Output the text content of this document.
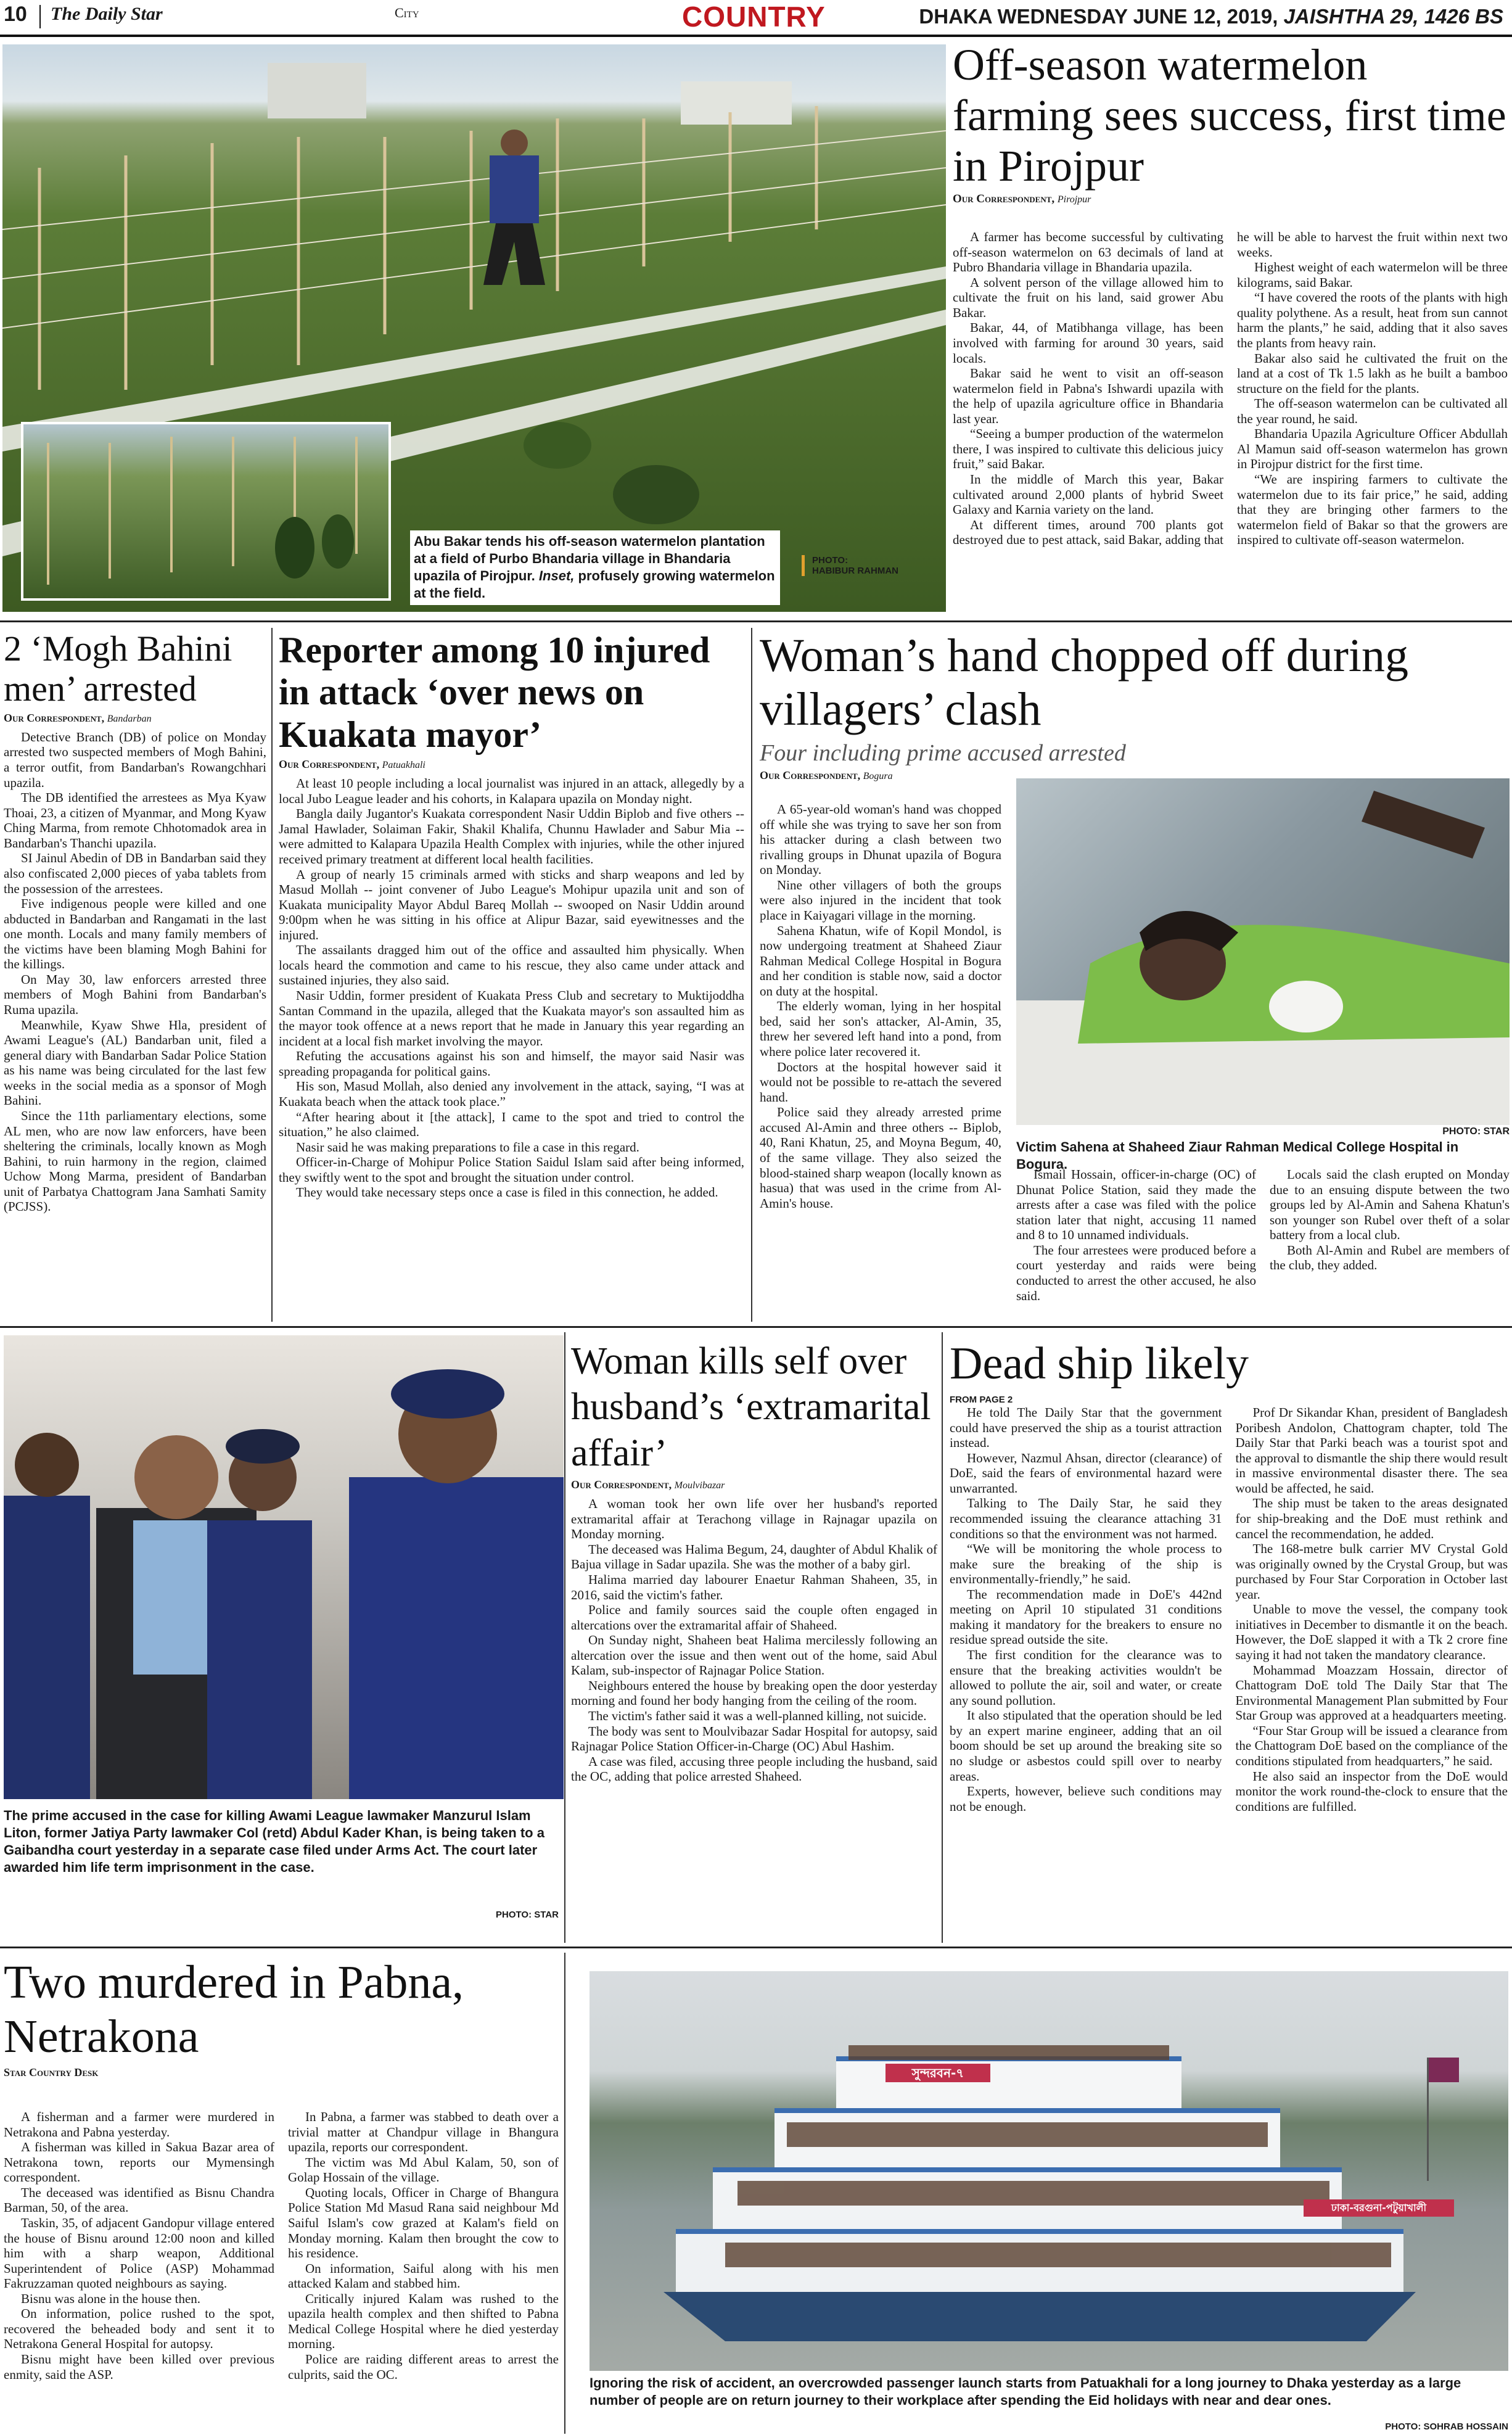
10 The Daily Star	City	COUNTRY	DHAKA WEDNESDAY JUNE 12, 2019, JAISHTHA 29, 1426 BS
Abu Bakar tends his off-season watermelon plantation at a field of Purbo Bhandaria village in Bhandaria upazila of Pirojpur. Inset, profusely growing watermelon at the field.
PHOTO:
HABIBUR RAHMAN
Off-season watermelon farming sees success, first time in Pirojpur
Our Correspondent, Pirojpur

A farmer has become successful by cultivating off-season watermelon on 63 decimals of land at Pubro Bhandaria village in Bhandaria upazila.

A solvent person of the village allowed him to cultivate the fruit on his land, said grower Abu Bakar.

Bakar, 44, of Matibhanga village, has been involved with farming for around 30 years, said locals.

Bakar said he went to visit an off-season watermelon field in Pabna's Ishwardi upazila with the help of upazila agriculture office in Bhandaria last year.

“Seeing a bumper production of the watermelon there, I was inspired to cultivate this delicious juicy fruit,” said Bakar.

In the middle of March this year, Bakar cultivated around 2,000 plants of hybrid Sweet Galaxy and Karnia variety on the land.

At different times, around 700 plants got destroyed due to pest attack, said Bakar, adding that he will be able to harvest the fruit within next two weeks.

Highest weight of each watermelon will be three kilograms, said Bakar.

“I have covered the roots of the plants with high quality polythene. As a result, heat from sun cannot harm the plants,” he said, adding that it also saves the plants from heavy rain.

Bakar also said he cultivated the fruit on the land at a cost of Tk 1.5 lakh as he built a bamboo structure on the field for the plants.

The off-season watermelon can be cultivated all the year round, he said.

Bhandaria Upazila Agriculture Officer Abdullah Al Mamun said off-season watermelon has grown in Pirojpur district for the first time.

“We are inspiring farmers to cultivate the watermelon due to its fair price,” he said, adding that they are bringing other farmers to the watermelon field of Bakar so that the growers are inspired to cultivate off-season watermelon.

2 ‘Mogh Bahini men’ arrested
Our Correspondent, Bandarban

Detective Branch (DB) of police on Monday arrested two suspected members of Mogh Bahini, a terror outfit, from Bandarban's Rowangchhari upazila.

The DB identified the arrestees as Mya Kyaw Thoai, 23, a citizen of Myanmar, and Mong Kyaw Ching Marma, from remote Chhotomadok area in Bandarban's Thanchi upazila.

SI Jainul Abedin of DB in Bandarban said they also confiscated 2,000 pieces of yaba tablets from the possession of the arrestees.

Five indigenous people were killed and one abducted in Bandarban and Rangamati in the last one month. Locals and many family members of the victims have been blaming Mogh Bahini for the killings.

On May 30, law enforcers arrested three members of Mogh Bahini from Bandarban's Ruma upazila.

Meanwhile, Kyaw Shwe Hla, president of Awami League's (AL) Bandarban unit, filed a general diary with Bandarban Sadar Police Station as his name was being circulated for the last few weeks in the social media as a sponsor of Mogh Bahini.

Since the 11th parliamentary elections, some AL men, who are now law enforcers, have been sheltering the criminals, locally known as Mogh Bahini, to ruin harmony in the region, claimed Uchow Mong Marma, president of Bandarban unit of Parbatya Chattogram Jana Samhati Samity (PCJSS).

Reporter among 10 injured in attack ‘over news on Kuakata mayor’
Our Correspondent, Patuakhali

At least 10 people including a local journalist was injured in an attack, allegedly by a local Jubo League leader and his cohorts, in Kalapara upazila on Monday night.

Bangla daily Jugantor's Kuakata correspondent Nasir Uddin Biplob and five others -- Jamal Hawlader, Solaiman Fakir, Shakil Khalifa, Chunnu Hawlader and Sabur Mia -- were admitted to Kalapara Upazila Health Complex with injuries, while the other injured received primary treatment at different local health facilities.

A group of nearly 15 criminals armed with sticks and sharp weapons and led by Masud Mollah -- joint convener of Jubo League's Mohipur upazila unit and son of Kuakata municipality Mayor Abdul Bareq Mollah -- swooped on Nasir Uddin around 9:00pm when he was sitting in his office at Alipur Bazar, said eyewitnesses and the injured.

The assailants dragged him out of the office and assaulted him physically. When locals heard the commotion and came to his rescue, they also came under attack and sustained injuries, they also said.

Nasir Uddin, former president of Kuakata Press Club and secretary to Muktijoddha Santan Command in the upazila, alleged that the Kuakata mayor's son assaulted him as the mayor took offence at a news report that he made in January this year regarding an incident at a local fish market involving the mayor.

Refuting the accusations against his son and himself, the mayor said Nasir was spreading propaganda for political gains.

His son, Masud Mollah, also denied any involvement in the attack, saying, “I was at Kuakata beach when the attack took place.”

“After hearing about it [the attack], I came to the spot and tried to control the situation,” he also claimed.

Nasir said he was making preparations to file a case in this regard.

Officer-in-Charge of Mohipur Police Station Saidul Islam said after being informed, they swiftly went to the spot and brought the situation under control.

They would take necessary steps once a case is filed in this connection, he added.

Woman’s hand chopped off during villagers’ clash
Four including prime accused arrested
Our Correspondent, Bogura

A 65-year-old woman's hand was chopped off while she was trying to save her son from his attacker during a clash between two rivalling groups in Dhunat upazila of Bogura on Monday.

Nine other villagers of both the groups were also injured in the incident that took place in Kaiyagari village in the morning.

Sahena Khatun, wife of Kopil Mondol, is now undergoing treatment at Shaheed Ziaur Rahman Medical College Hospital in Bogura and her condition is stable now, said a doctor on duty at the hospital.

The elderly woman, lying in her hospital bed, said her son's attacker, Al-Amin, 35, threw her severed left hand into a pond, from where police later recovered it.

Doctors at the hospital however said it would not be possible to re-attach the severed hand.

Police said they already arrested prime accused Al-Amin and three others -- Biplob, 40, Rani Khatun, 25, and Moyna Begum, 40, of the same village. They also seized the blood-stained sharp weapon (locally known as hasua) that was used in the crime from Al-Amin's house.

PHOTO: STAR
Victim Sahena at Shaheed Ziaur Rahman Medical College Hospital in Bogura.

Ismail Hossain, officer-in-charge (OC) of Dhunat Police Station, said they made the arrests after a case was filed with the police station later that night, accusing 11 named and 8 to 10 unnamed individuals.

The four arrestees were produced before a court yesterday and raids were being conducted to arrest the other accused, he also said.

Locals said the clash erupted on Monday due to an ensuing dispute between the two groups led by Al-Amin and Sahena Khatun's son younger son Rubel over theft of a solar battery from a local club.

Both Al-Amin and Rubel are members of the club, they added.

The prime accused in the case for killing Awami League lawmaker Manzurul Islam Liton, former Jatiya Party lawmaker Col (retd) Abdul Kader Khan, is being taken to a Gaibandha court yesterday in a separate case filed under Arms Act. The court later awarded him life term imprisonment in the case.
PHOTO: STAR
Woman kills self over husband’s ‘extramarital affair’
Our Correspondent, Moulvibazar

A woman took her own life over her husband's reported extramarital affair at Terachong village in Rajnagar upazila on Monday morning.

The deceased was Halima Begum, 24, daughter of Abdul Khalik of Bajua village in Sadar upazila. She was the mother of a baby girl.

Halima married day labourer Enaetur Rahman Shaheen, 35, in 2016, said the victim's father.

Police and family sources said the couple often engaged in altercations over the extramarital affair of Shaheed.

On Sunday night, Shaheen beat Halima mercilessly following an altercation over the issue and then went out of the home, said Abul Kalam, sub-inspector of Rajnagar Police Station.

Neighbours entered the house by breaking open the door yesterday morning and found her body hanging from the ceiling of the room.

The victim's father said it was a well-planned killing, not suicide.

The body was sent to Moulvibazar Sadar Hospital for autopsy, said Rajnagar Police Station Officer-in-Charge (OC) Abul Hashim.

A case was filed, accusing three people including the husband, said the OC, adding that police arrested Shaheed.

Dead ship likely
FROM PAGE 2

He told The Daily Star that the government could have preserved the ship as a tourist attraction instead.

However, Nazmul Ahsan, director (clearance) of DoE, said the fears of environmental hazard were unwarranted.

Talking to The Daily Star, he said they recommended issuing the clearance attaching 31 conditions so that the environment was not harmed.

“We will be monitoring the whole process to make sure the breaking of the ship is environmentally-friendly,” he said.

The recommendation made in DoE's 442nd meeting on April 10 stipulated 31 conditions making it mandatory for the breakers to ensure no residue spread outside the site.

The first condition for the clearance was to ensure that the breaking activities wouldn't be allowed to pollute the air, soil and water, or create any sound pollution.

It also stipulated that the operation should be led by an expert marine engineer, adding that an oil boom should be set up around the breaking site so no sludge or asbestos could spill over to nearby areas.

Experts, however, believe such conditions may not be enough.

Prof Dr Sikandar Khan, president of Bangladesh Poribesh Andolon, Chattogram chapter, told The Daily Star that Parki beach was a tourist spot and the approval to dismantle the ship there would result in massive environmental disaster there. The sea would be affected, he said.

The ship must be taken to the areas designated for ship-breaking and the DoE must rethink and cancel the recommendation, he added.

The 168-metre bulk carrier MV Crystal Gold was originally owned by the Crystal Group, but was purchased by Four Star Corporation in October last year.

Unable to move the vessel, the company took initiatives in December to dismantle it on the beach. However, the DoE slapped it with a Tk 2 crore fine saying it had not taken the mandatory clearance.

Mohammad Moazzam Hossain, director of Chattogram DoE told The Daily Star that The Environmental Management Plan submitted by Four Star Group was approved at a headquarters meeting.

“Four Star Group will be issued a clearance from the Chattogram DoE based on the compliance of the conditions stipulated from headquarters,” he said.

He also said an inspector from the DoE would monitor the work round-the-clock to ensure that the conditions are fulfilled.

Two murdered in Pabna, Netrakona
Star Country Desk

A fisherman and a farmer were murdered in Netrakona and Pabna yesterday.

A fisherman was killed in Sakua Bazar area of Netrakona town, reports our Mymensingh correspondent.

The deceased was identified as Bisnu Chandra Barman, 50, of the area.

Taskin, 35, of adjacent Gandopur village entered the house of Bisnu around 12:00 noon and killed him with a sharp weapon, Additional Superintendent of Police (ASP) Mohammad Fakruzzaman quoted neighbours as saying.

Bisnu was alone in the house then.

On information, police rushed to the spot, recovered the beheaded body and sent it to Netrakona General Hospital for autopsy.

Bisnu might have been killed over previous enmity, said the ASP.

In Pabna, a farmer was stabbed to death over a trivial matter at Chandpur village in Bhangura upazila, reports our correspondent.

The victim was Md Abul Kalam, 50, son of Golap Hossain of the village.

Quoting locals, Officer in Charge of Bhangura Police Station Md Masud Rana said neighbour Md Saiful Islam's cow grazed at Kalam's field on Monday morning. Kalam then brought the cow to his residence.

On information, Saiful along with his men attacked Kalam and stabbed him.

Critically injured Kalam was rushed to the upazila health complex and then shifted to Pabna Medical College Hospital where he died yesterday morning.

Police are raiding different areas to arrest the culprits, said the OC.

সুন্দরবন-৭
ঢাকা-বরগুনা-পটুয়াখালী
Ignoring the risk of accident, an overcrowded passenger launch starts from Patuakhali for a long journey to Dhaka yesterday as a large number of people are on return journey to their workplace after spending the Eid holidays with near and dear ones.
PHOTO: SOHRAB HOSSAIN
